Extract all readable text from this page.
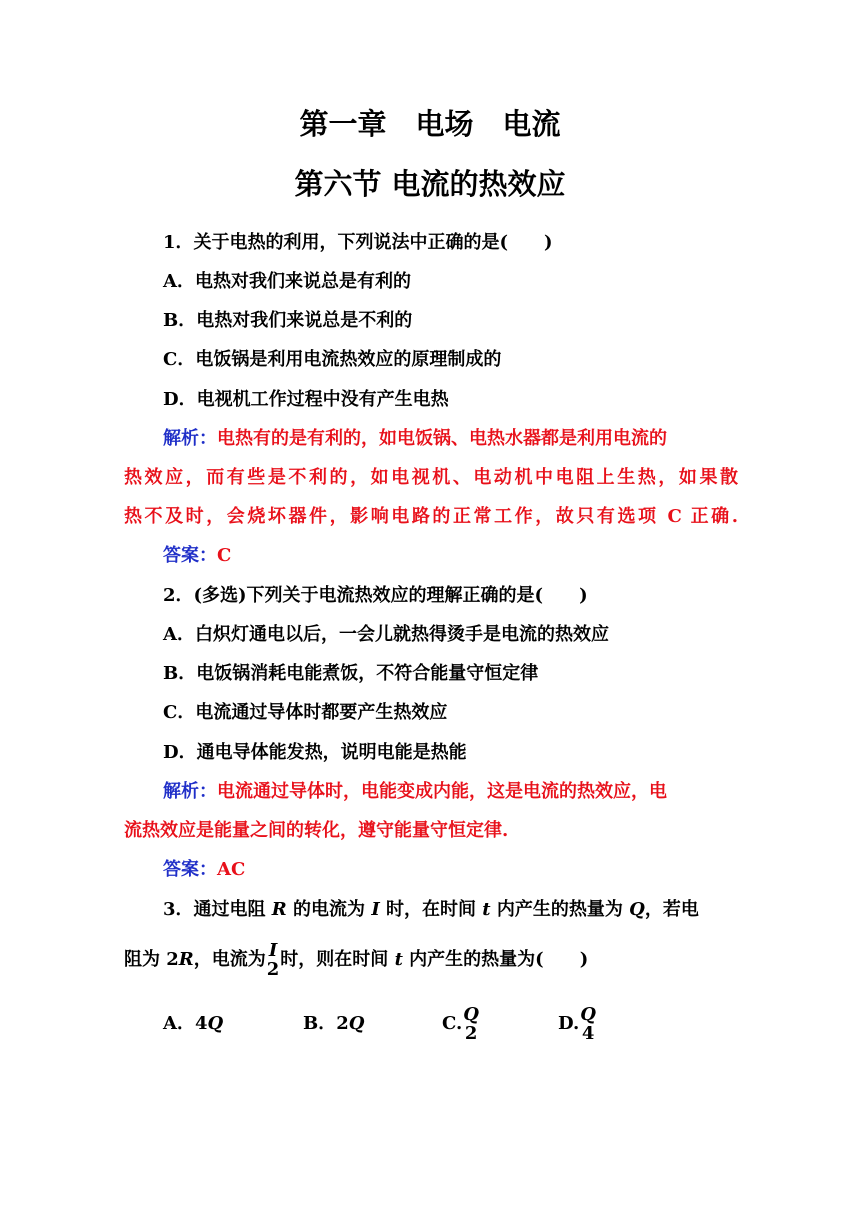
第一章　电场　电流
第六节 电流的热效应
1．关于电热的利用，下列说法中正确的是(　　)
A．电热对我们来说总是有利的
B．电热对我们来说总是不利的
C．电饭锅是利用电流热效应的原理制成的
D．电视机工作过程中没有产生电热
解析：电热有的是有利的，如电饭锅、电热水器都是利用电流的
热效应，而有些是不利的，如电视机、电动机中电阻上生热，如果散
热不及时，会烧坏器件，影响电路的正常工作，故只有选项 C 正确.
答案：C
2．(多选)下列关于电流热效应的理解正确的是(　　)
A．白炽灯通电以后，一会儿就热得烫手是电流的热效应
B．电饭锅消耗电能煮饭，不符合能量守恒定律
C．电流通过导体时都要产生热效应
D．通电导体能发热，说明电能是热能
解析：电流通过导体时，电能变成内能，这是电流的热效应，电
流热效应是能量之间的转化，遵守能量守恒定律.
答案：AC
3．通过电阻 R 的电流为 I 时，在时间 t 内产生的热量为 Q，若电
阻为 2R，电流为 I
2 时，则在时间 t 内产生的热量为(　　)
A．4Q	B．2Q	C. Q
2	D. Q
4
